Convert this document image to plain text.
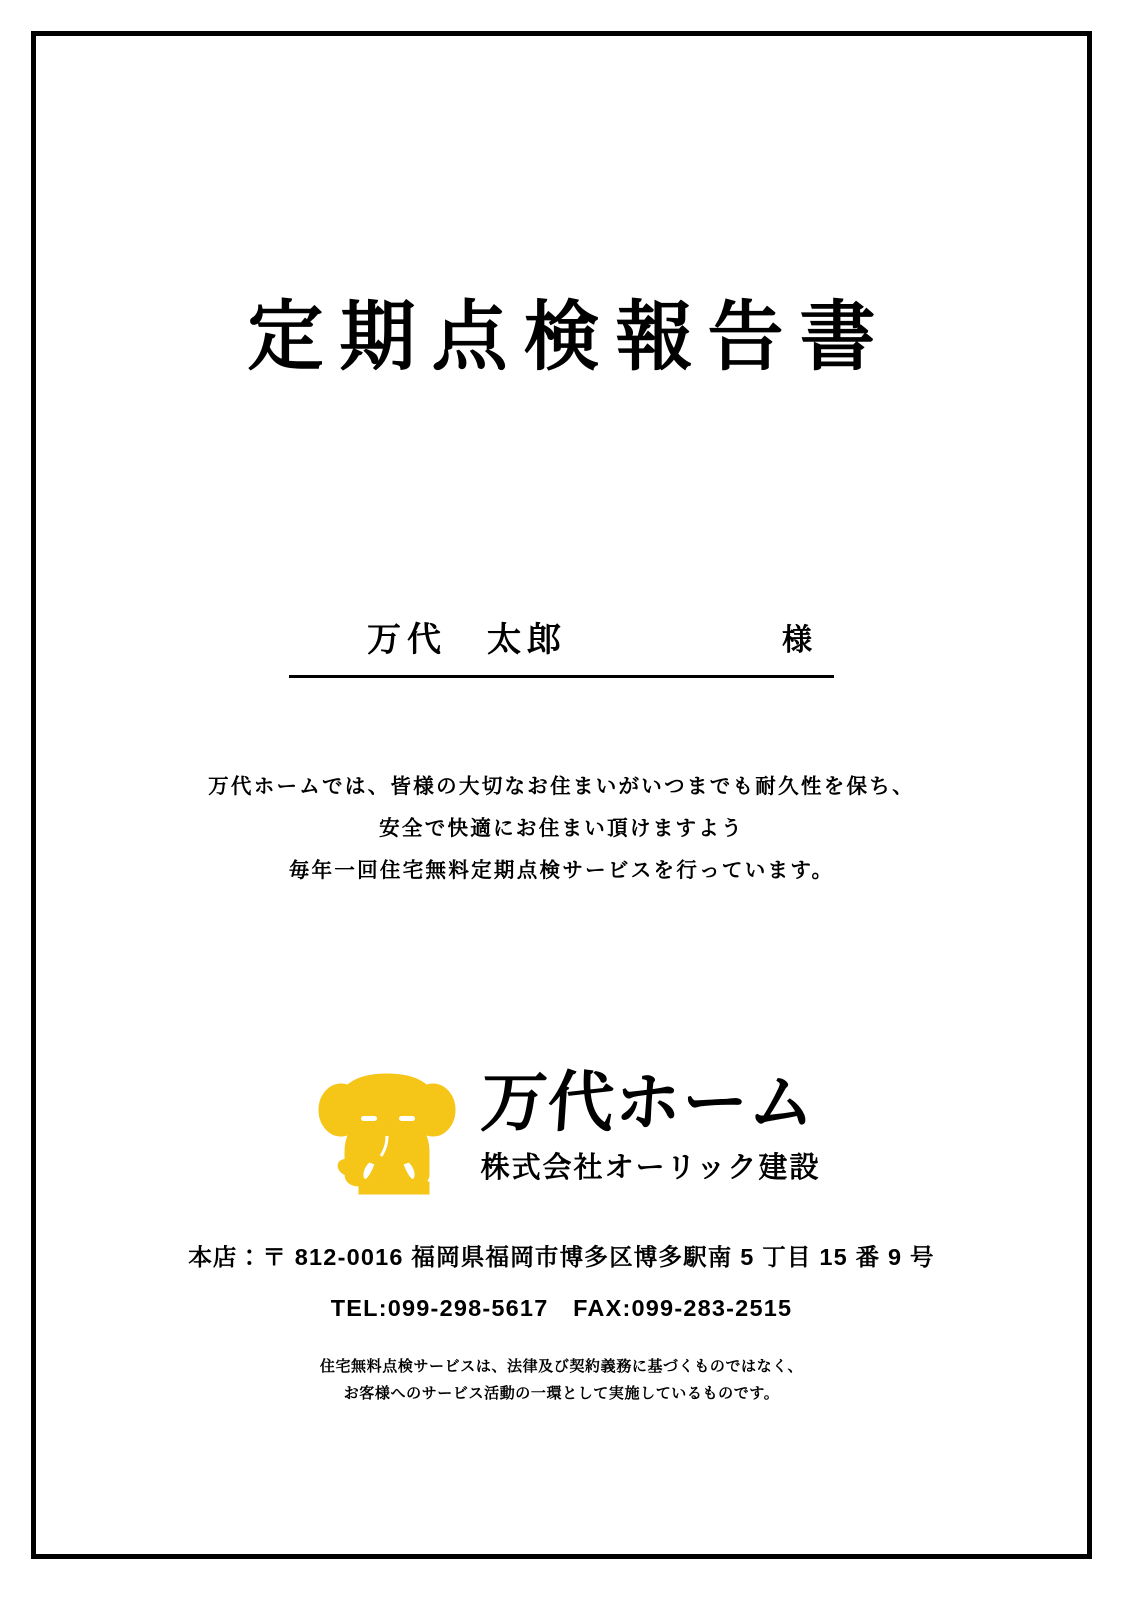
定期点検報告書
万代　太郎	様
万代ホームでは、皆様の大切なお住まいがいつまでも耐久性を保ち、
安全で快適にお住まい頂けますよう
毎年一回住宅無料定期点検サービスを行っています。
万代ホーム
株式会社オーリック建設
本店：〒 812-0016 福岡県福岡市博多区博多駅南 5 丁目 15 番 9 号
TEL:099-298-5617　FAX:099-283-2515
住宅無料点検サービスは、法律及び契約義務に基づくものではなく、
お客様へのサービス活動の一環として実施しているものです。
